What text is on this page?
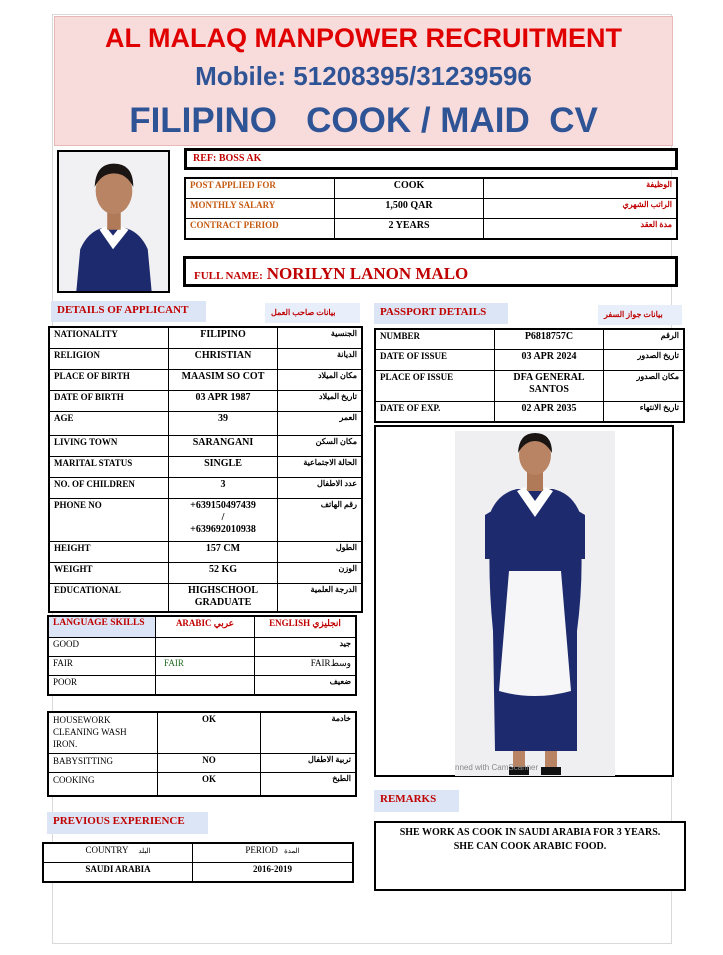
AL MALAQ MANPOWER RECRUITMENT
Mobile: 51208395/31239596
FILIPINO   COOK / MAID  CV
REF: BOSS AK
POST APPLIED FOR	COOK	الوظيفة
MONTHLY SALARY	1,500 QAR	الراتب الشهري
CONTRACT PERIOD	2 YEARS	مدة العقد
FULL NAME: NORILYN LANON MALO
DETAILS OF APPLICANT	بيانات صاحب العمل
NATIONALITY	FILIPINO	الجنسية
RELIGION	CHRISTIAN	الديانة
PLACE OF BIRTH	MAASIM SO COT	مكان الميلاد
DATE OF BIRTH	03 APR 1987	تاريخ الميلاد
AGE	39	العمر
LIVING TOWN	SARANGANI	مكان السكن
MARITAL STATUS	SINGLE	الحالة الاجتماعية
NO. OF CHILDREN	3	عدد الاطفال
PHONE NO	+639150497439
/
+639692010938	رقم الهاتف
HEIGHT	157 CM	الطول
WEIGHT	52 KG	الوزن
EDUCATIONAL	HIGHSCHOOL
GRADUATE	الدرجة العلمية
PASSPORT DETAILS	بيانات جواز السفر
NUMBER	P6818757C	الرقم
DATE OF ISSUE	03 APR 2024	تاريخ الصدور
PLACE OF ISSUE	DFA GENERAL
SANTOS	مكان الصدور
DATE OF EXP.	02 APR 2035	تاريخ الانتهاء
nned with CamScanner
LANGUAGE SKILLS	ARABIC عربي	ENGLISH انجليزي
GOOD		جيد
FAIR	FAIR	FAIRوسط
POOR		ضعيف
HOUSEWORK
CLEANING WASH
IRON.	OK	خادمة
BABYSITTING	NO	تربية الاطفال
COOKING	OK	الطبخ
PREVIOUS EXPERIENCE
COUNTRY البلد	PERIOD المدة
SAUDI ARABIA	2016-2019
REMARKS
SHE WORK AS COOK IN SAUDI ARABIA FOR 3 YEARS.
SHE CAN COOK ARABIC FOOD.
